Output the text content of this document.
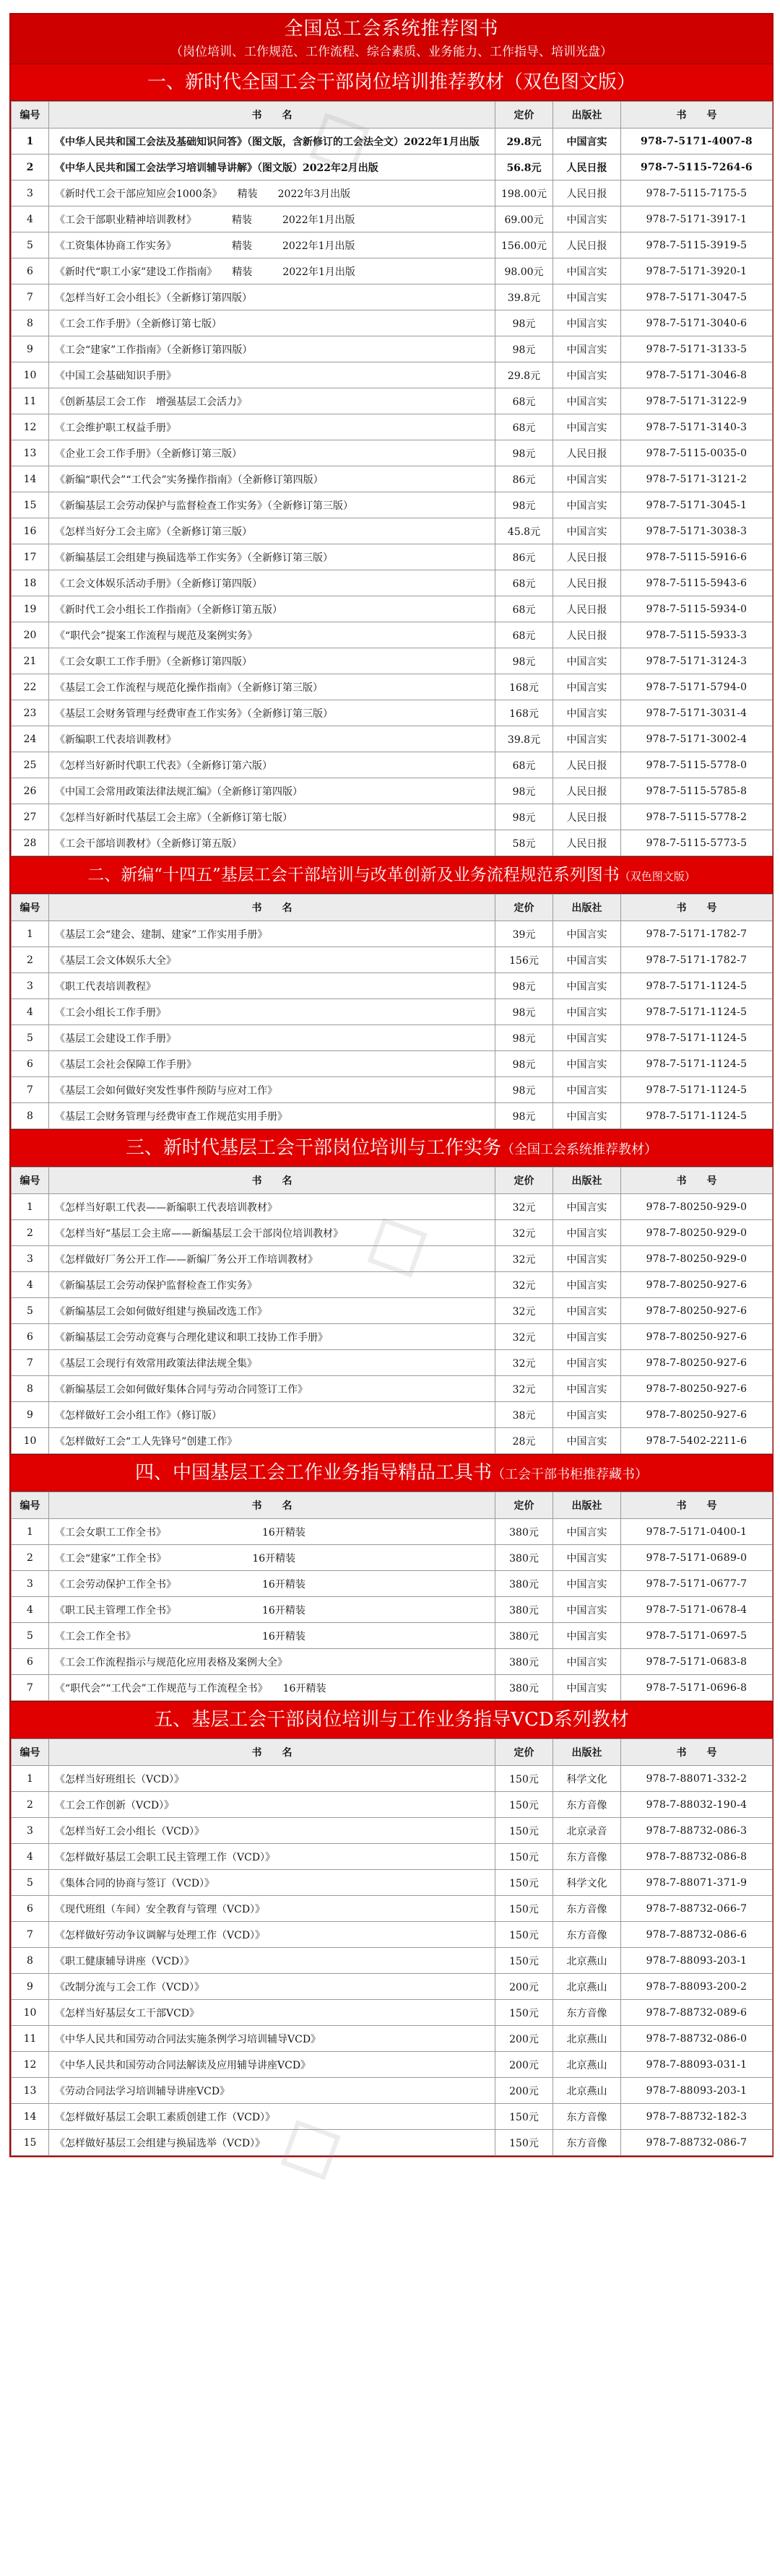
全国总工会系统推荐图书
（岗位培训、工作规范、工作流程、综合素质、业务能力、工作指导、培训光盘）
一、新时代全国工会干部岗位培训推荐教材（双色图文版）
编号	书　　名	定价	出版社	书　　号
1	《中华人民共和国工会法及基础知识问答》（图文版，含新修订的工会法全文）2022年1月出版	29.8元	中国言实	978-7-5171-4007-8
2	《中华人民共和国工会法学习培训辅导讲解》（图文版）2022年2月出版	56.8元	人民日报	978-7-5115-7264-6
3	《新时代工会干部应知应会1000条》　　精装　　2022年3月出版	198.00元	人民日报	978-7-5115-7175-5
4	《工会干部职业精神培训教材》　　　　精装　　　2022年1月出版	69.00元	中国言实	978-7-5171-3917-1
5	《工资集体协商工作实务》　　　　　　精装　　　2022年1月出版	156.00元	人民日报	978-7-5115-3919-5
6	《新时代“职工小家”建设工作指南》　　精装　　　2022年1月出版	98.00元	中国言实	978-7-5171-3920-1
7	《怎样当好工会小组长》（全新修订第四版）	39.8元	中国言实	978-7-5171-3047-5
8	《工会工作手册》（全新修订第七版）	98元	中国言实	978-7-5171-3040-6
9	《工会“建家”工作指南》（全新修订第四版）	98元	中国言实	978-7-5171-3133-5
10	《中国工会基础知识手册》	29.8元	中国言实	978-7-5171-3046-8
11	《创新基层工会工作　增强基层工会活力》	68元	中国言实	978-7-5171-3122-9
12	《工会维护职工权益手册》	68元	中国言实	978-7-5171-3140-3
13	《企业工会工作手册》（全新修订第三版）	98元	人民日报	978-7-5115-0035-0
14	《新编“职代会”“工代会”实务操作指南》（全新修订第四版）	86元	中国言实	978-7-5171-3121-2
15	《新编基层工会劳动保护与监督检查工作实务》（全新修订第三版）	98元	中国言实	978-7-5171-3045-1
16	《怎样当好分工会主席》（全新修订第三版）	45.8元	中国言实	978-7-5171-3038-3
17	《新编基层工会组建与换届选举工作实务》（全新修订第三版）	86元	人民日报	978-7-5115-5916-6
18	《工会文体娱乐活动手册》（全新修订第四版）	68元	人民日报	978-7-5115-5943-6
19	《新时代工会小组长工作指南》（全新修订第五版）	68元	人民日报	978-7-5115-5934-0
20	《“职代会”提案工作流程与规范及案例实务》	68元	人民日报	978-7-5115-5933-3
21	《工会女职工工作手册》（全新修订第四版）	98元	中国言实	978-7-5171-3124-3
22	《基层工会工作流程与规范化操作指南》（全新修订第三版）	168元	中国言实	978-7-5171-5794-0
23	《基层工会财务管理与经费审查工作实务》（全新修订第三版）	168元	中国言实	978-7-5171-3031-4
24	《新编职工代表培训教材》	39.8元	中国言实	978-7-5171-3002-4
25	《怎样当好新时代职工代表》（全新修订第六版）	68元	人民日报	978-7-5115-5778-0
26	《中国工会常用政策法律法规汇编》（全新修订第四版）	98元	人民日报	978-7-5115-5785-8
27	《怎样当好新时代基层工会主席》（全新修订第七版）	98元	人民日报	978-7-5115-5778-2
28	《工会干部培训教材》（全新修订第五版）	58元	人民日报	978-7-5115-5773-5
二、新编“十四五”基层工会干部培训与改革创新及业务流程规范系列图书（双色图文版）
编号	书　　名	定价	出版社	书　　号
1	《基层工会“建会、建制、建家”工作实用手册》	39元	中国言实	978-7-5171-1782-7
2	《基层工会文体娱乐大全》	156元	中国言实	978-7-5171-1782-7
3	《职工代表培训教程》	98元	中国言实	978-7-5171-1124-5
4	《工会小组长工作手册》	98元	中国言实	978-7-5171-1124-5
5	《基层工会建设工作手册》	98元	中国言实	978-7-5171-1124-5
6	《基层工会社会保障工作手册》	98元	中国言实	978-7-5171-1124-5
7	《基层工会如何做好突发性事件预防与应对工作》	98元	中国言实	978-7-5171-1124-5
8	《基层工会财务管理与经费审查工作规范实用手册》	98元	中国言实	978-7-5171-1124-5
三、新时代基层工会干部岗位培训与工作实务（全国工会系统推荐教材）
编号	书　　名	定价	出版社	书　　号
1	《怎样当好职工代表——新编职工代表培训教材》	32元	中国言实	978-7-80250-929-0
2	《怎样当好“基层工会主席——新编基层工会干部岗位培训教材》	32元	中国言实	978-7-80250-929-0
3	《怎样做好厂务公开工作——新编厂务公开工作培训教材》	32元	中国言实	978-7-80250-929-0
4	《新编基层工会劳动保护监督检查工作实务》	32元	中国言实	978-7-80250-927-6
5	《新编基层工会如何做好组建与换届改选工作》	32元	中国言实	978-7-80250-927-6
6	《新编基层工会劳动竞赛与合理化建议和职工技协工作手册》	32元	中国言实	978-7-80250-927-6
7	《基层工会现行有效常用政策法律法规全集》	32元	中国言实	978-7-80250-927-6
8	《新编基层工会如何做好集体合同与劳动合同签订工作》	32元	中国言实	978-7-80250-927-6
9	《怎样做好工会小组工作》（修订版）	38元	中国言实	978-7-80250-927-6
10	《怎样做好工会“工人先锋号”创建工作》	28元	中国言实	978-7-5402-2211-6
四、中国基层工会工作业务指导精品工具书（工会干部书柜推荐藏书）
编号	书　　名	定价	出版社	书　　号
1	《工会女职工工作全书》　　　　　　　　　　16开精装	380元	中国言实	978-7-5171-0400-1
2	《工会“建家”工作全书》　　　　　　　　　16开精装	380元	中国言实	978-7-5171-0689-0
3	《工会劳动保护工作全书》　　　　　　　　　16开精装	380元	中国言实	978-7-5171-0677-7
4	《职工民主管理工作全书》　　　　　　　　　16开精装	380元	中国言实	978-7-5171-0678-4
5	《工会工作全书》　　　　　　　　　　　　　16开精装	380元	中国言实	978-7-5171-0697-5
6	《工会工作流程指示与规范化应用表格及案例大全》	380元	中国言实	978-7-5171-0683-8
7	《“职代会”“工代会”工作规范与工作流程全书》　　16开精装	380元	中国言实	978-7-5171-0696-8
五、基层工会干部岗位培训与工作业务指导VCD系列教材
编号	书　　名	定价	出版社	书　　号
1	《怎样当好班组长（VCD）》	150元	科学文化	978-7-88071-332-2
2	《工会工作创新（VCD）》	150元	东方音像	978-7-88032-190-4
3	《怎样当好工会小组长（VCD）》	150元	北京录音	978-7-88732-086-3
4	《怎样做好基层工会职工民主管理工作（VCD）》	150元	东方音像	978-7-88732-086-8
5	《集体合同的协商与签订（VCD）》	150元	科学文化	978-7-88071-371-9
6	《现代班组（车间）安全教育与管理（VCD）》	150元	东方音像	978-7-88732-066-7
7	《怎样做好劳动争议调解与处理工作（VCD）》	150元	东方音像	978-7-88732-086-6
8	《职工健康辅导讲座（VCD）》	150元	北京燕山	978-7-88093-203-1
9	《改制分流与工会工作（VCD）》	200元	北京燕山	978-7-88093-200-2
10	《怎样当好基层女工干部VCD》	150元	东方音像	978-7-88732-089-6
11	《中华人民共和国劳动合同法实施条例学习培训辅导VCD》	200元	北京燕山	978-7-88732-086-0
12	《中华人民共和国劳动合同法解读及应用辅导讲座VCD》	200元	北京燕山	978-7-88093-031-1
13	《劳动合同法学习培训辅导讲座VCD》	200元	北京燕山	978-7-88093-203-1
14	《怎样做好基层工会职工素质创建工作（VCD）》	150元	东方音像	978-7-88732-182-3
15	《怎样做好基层工会组建与换届选举（VCD）》	150元	东方音像	978-7-88732-086-7
◇
◇
◇
